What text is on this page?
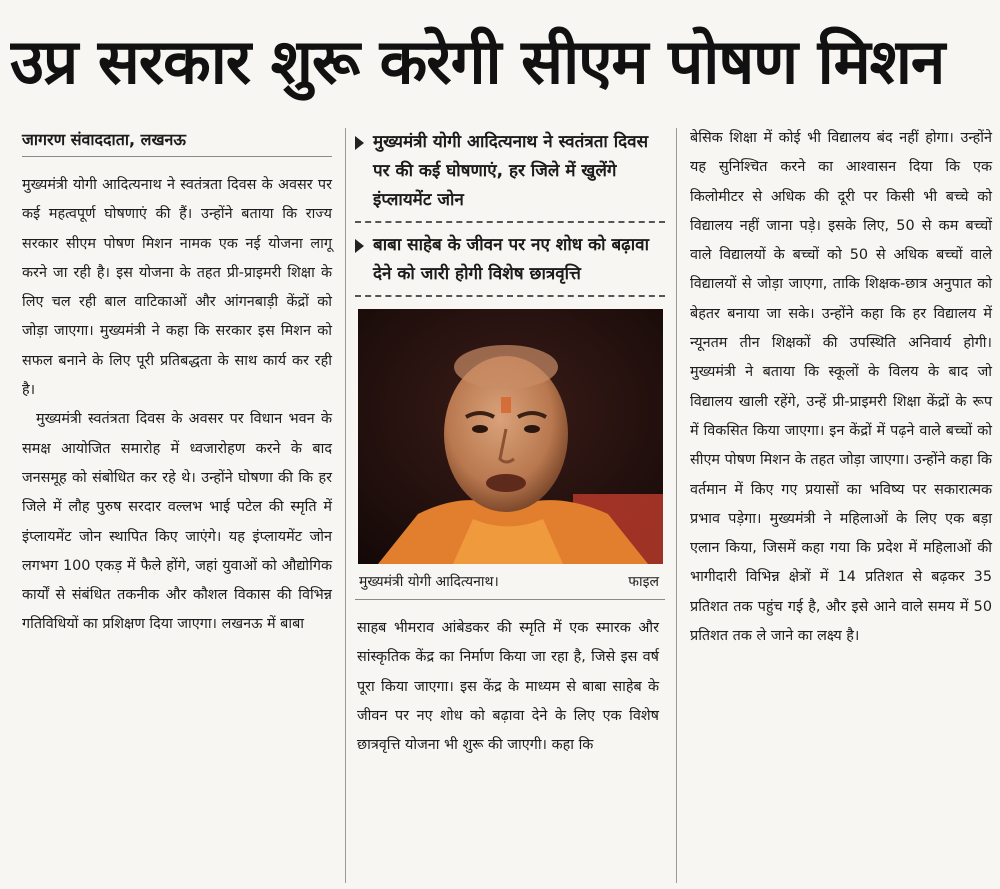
उप्र सरकार शुरू करेगी सीएम पोषण मिशन
जागरण संवाददाता, लखनऊ

मुख्यमंत्री योगी आदित्यनाथ ने स्वतंत्रता दिवस के अवसर पर कई महत्वपूर्ण घोषणाएं की हैं। उन्होंने बताया कि राज्य सरकार सीएम पोषण मिशन नामक एक नई योजना लागू करने जा रही है। इस योजना के तहत प्री-प्राइमरी शिक्षा के लिए चल रही बाल वाटिकाओं और आंगनबाड़ी केंद्रों को जोड़ा जाएगा। मुख्यमंत्री ने कहा कि सरकार इस मिशन को सफल बनाने के लिए पूरी प्रतिबद्धता के साथ कार्य कर रही है।

मुख्यमंत्री स्वतंत्रता दिवस के अवसर पर विधान भवन के समक्ष आयोजित समारोह में ध्वजारोहण करने के बाद जनसमूह को संबोधित कर रहे थे। उन्होंने घोषणा की कि हर जिले में लौह पुरुष सरदार वल्लभ भाई पटेल की स्मृति में इंप्लायमेंट जोन स्थापित किए जाएंगे। यह इंप्लायमेंट जोन लगभग 100 एकड़ में फैले होंगे, जहां युवाओं को औद्योगिक कार्यों से संबंधित तकनीक और कौशल विकास की विभिन्न गतिविधियों का प्रशिक्षण दिया जाएगा। लखनऊ में बाबा

मुख्यमंत्री योगी आदित्यनाथ ने स्वतंत्रता दिवस पर की कई घोषणाएं, हर जिले में खुलेंगे इंप्लायमेंट जोन
बाबा साहेब के जीवन पर नए शोध को बढ़ावा देने को जारी होगी विशेष छात्रवृत्ति
मुख्यमंत्री योगी आदित्यनाथ।	फाइल

साहब भीमराव आंबेडकर की स्मृति में एक स्मारक और सांस्कृतिक केंद्र का निर्माण किया जा रहा है, जिसे इस वर्ष पूरा किया जाएगा। इस केंद्र के माध्यम से बाबा साहेब के जीवन पर नए शोध को बढ़ावा देने के लिए एक विशेष छात्रवृत्ति योजना भी शुरू की जाएगी। कहा कि

बेसिक शिक्षा में कोई भी विद्यालय बंद नहीं होगा। उन्होंने यह सुनिश्चित करने का आश्वासन दिया कि एक किलोमीटर से अधिक की दूरी पर किसी भी बच्चे को विद्यालय नहीं जाना पड़े। इसके लिए, 50 से कम बच्चों वाले विद्यालयों के बच्चों को 50 से अधिक बच्चों वाले विद्यालयों से जोड़ा जाएगा, ताकि शिक्षक-छात्र अनुपात को बेहतर बनाया जा सके। उन्होंने कहा कि हर विद्यालय में न्यूनतम तीन शिक्षकों की उपस्थिति अनिवार्य होगी। मुख्यमंत्री ने बताया कि स्कूलों के विलय के बाद जो विद्यालय खाली रहेंगे, उन्हें प्री-प्राइमरी शिक्षा केंद्रों के रूप में विकसित किया जाएगा। इन केंद्रों में पढ़ने वाले बच्चों को सीएम पोषण मिशन के तहत जोड़ा जाएगा। उन्होंने कहा कि वर्तमान में किए गए प्रयासों का भविष्य पर सकारात्मक प्रभाव पड़ेगा। मुख्यमंत्री ने महिलाओं के लिए एक बड़ा एलान किया, जिसमें कहा गया कि प्रदेश में महिलाओं की भागीदारी विभिन्न क्षेत्रों में 14 प्रतिशत से बढ़कर 35 प्रतिशत तक पहुंच गई है, और इसे आने वाले समय में 50 प्रतिशत तक ले जाने का लक्ष्य है।
